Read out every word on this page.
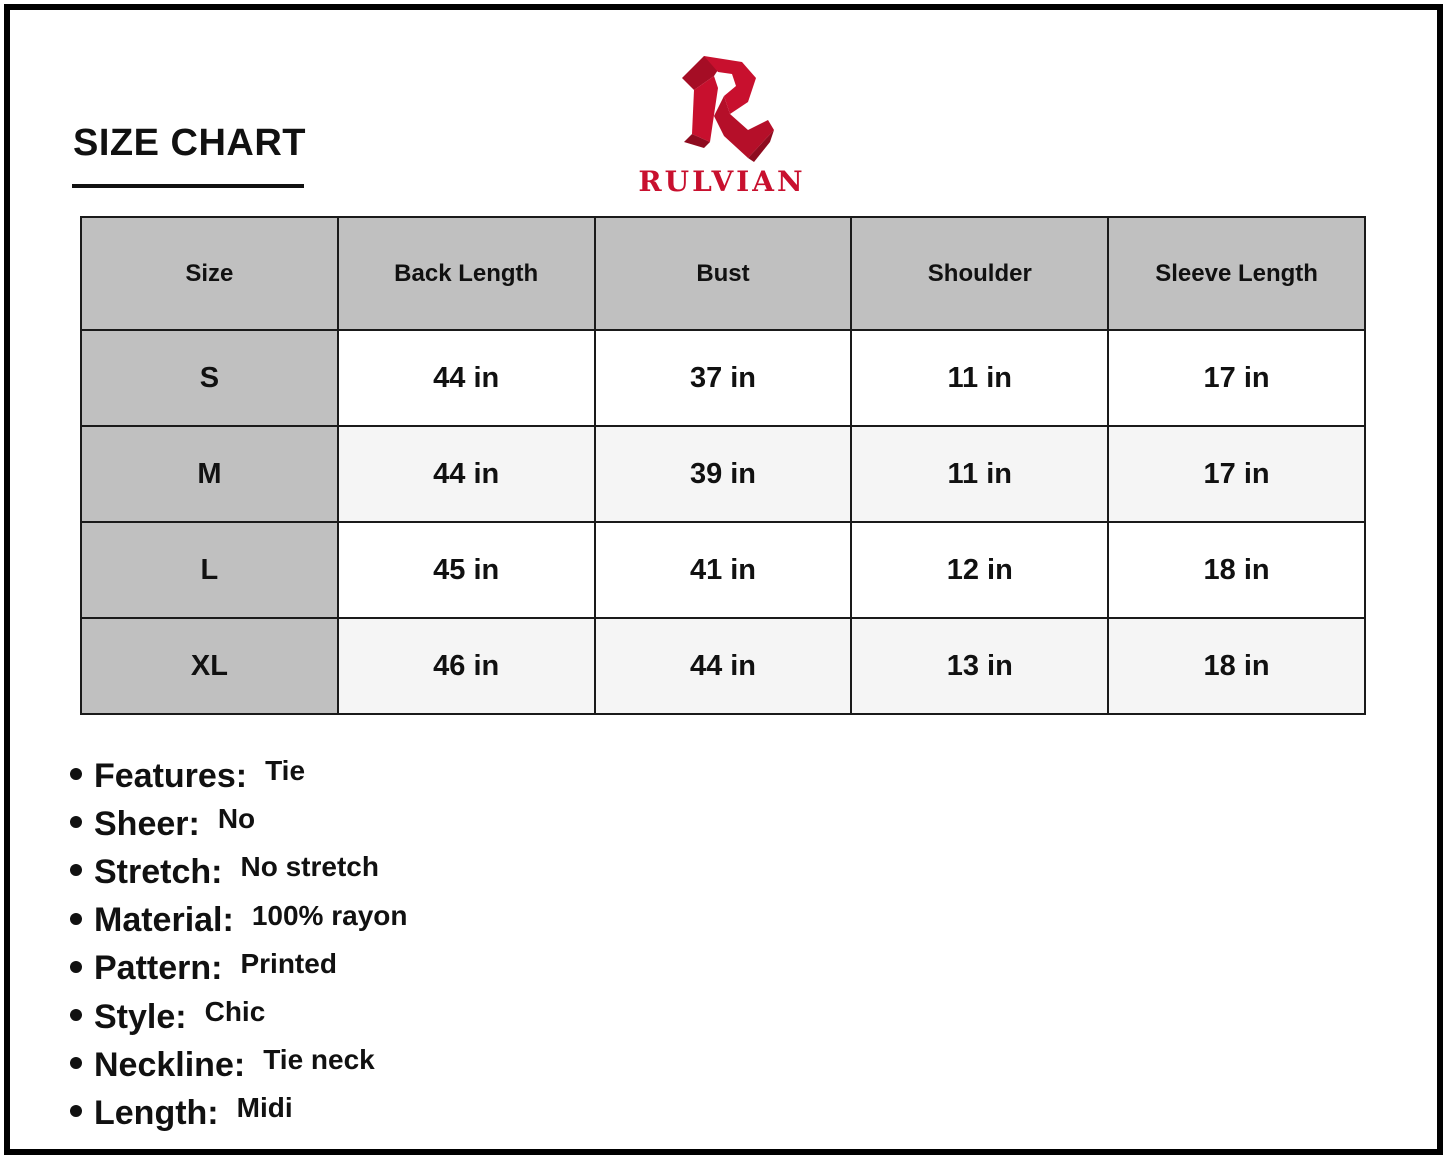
SIZE CHART
RULVIAN
Size	Back Length	Bust	Shoulder	Sleeve Length
S	44 in	37 in	11 in	17 in
M	44 in	39 in	11 in	17 in
L	45 in	41 in	12 in	18 in
XL	46 in	44 in	13 in	18 in
Features: Tie
Sheer: No
Stretch: No stretch
Material: 100% rayon
Pattern: Printed
Style: Chic
Neckline: Tie neck
Length: Midi
